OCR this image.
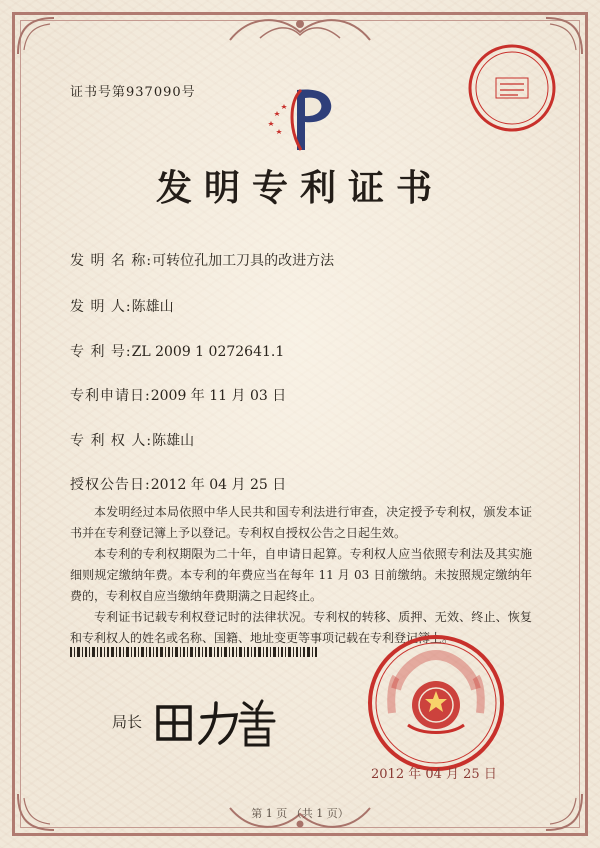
证书号第937090号
发明专利证书
发 明 名 称:可转位孔加工刀具的改进方法
发 明 人:陈雄山
专 利 号:ZL 2009 1 0272641.1
专利申请日:2009 年 11 月 03 日
专 利 权 人:陈雄山
授权公告日:2012 年 04 月 25 日
本发明经过本局依照中华人民共和国专利法进行审查，决定授予专利权，颁发本证书并在专利登记簿上予以登记。专利权自授权公告之日起生效。
本专利的专利权期限为二十年，自申请日起算。专利权人应当依照专利法及其实施细则规定缴纳年费。本专利的年费应当在每年 11 月 03 日前缴纳。未按照规定缴纳年费的，专利权自应当缴纳年费期满之日起终止。
专利证书记载专利权登记时的法律状况。专利权的转移、质押、无效、终止、恢复和专利权人的姓名或名称、国籍、地址变更等事项记载在专利登记簿上。
局长
2012 年 04 月 25 日
第 1 页 （共 1 页）
